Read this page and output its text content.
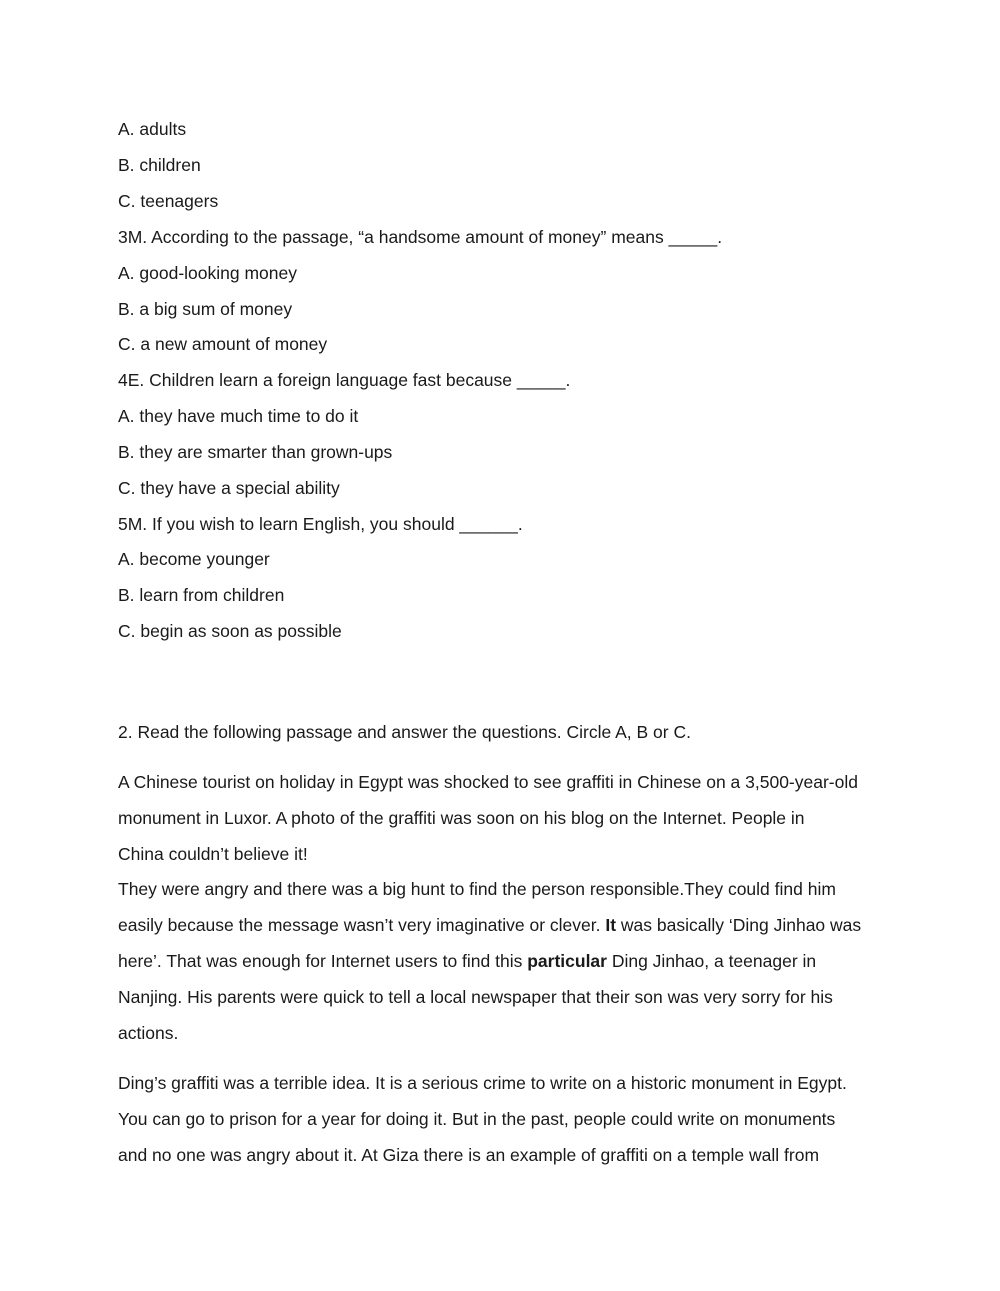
A. adults
B. children
C. teenagers
3M. According to the passage, “a handsome amount of money” means _____.
A. good-looking money
B. a big sum of money
C. a new amount of money
4E. Children learn a foreign language fast because _____.
A. they have much time to do it
B. they are smarter than grown-ups
C. they have a special ability
5M. If you wish to learn English, you should ______.
A. become younger
B. learn from children
C. begin as soon as possible
2. Read the following passage and answer the questions. Circle A, B or C.
A Chinese tourist on holiday in Egypt was shocked to see graffiti in Chinese on a 3,500-year-old
monument in Luxor. A photo of the graffiti was soon on his blog on the Internet. People in
China couldn’t believe it!
They were angry and there was a big hunt to find the person responsible.They could find him
easily because the message wasn’t very imaginative or clever. It was basically ‘Ding Jinhao was
here’. That was enough for Internet users to find this particular Ding Jinhao, a teenager in
Nanjing. His parents were quick to tell a local newspaper that their son was very sorry for his
actions.
Ding’s graffiti was a terrible idea. It is a serious crime to write on a historic monument in Egypt.
You can go to prison for a year for doing it. But in the past, people could write on monuments
and no one was angry about it. At Giza there is an example of graffiti on a temple wall from
